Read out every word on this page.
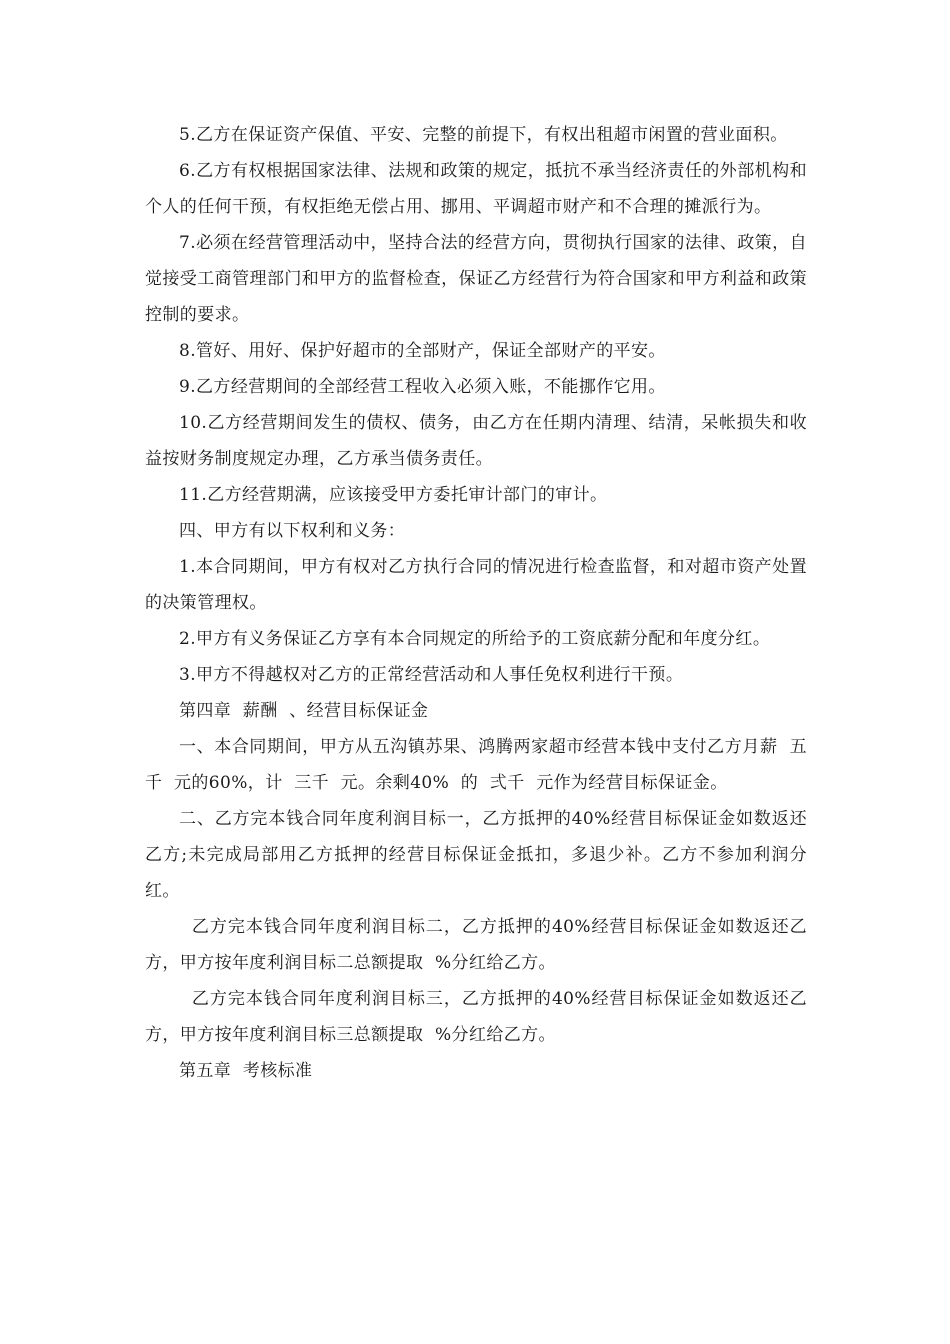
5.乙方在保证资产保值、平安、完整的前提下，有权出租超市闲置的营业面积。

6.乙方有权根据国家法律、法规和政策的规定，抵抗不承当经济责任的外部机构和个人的任何干预，有权拒绝无偿占用、挪用、平调超市财产和不合理的摊派行为。

7.必须在经营管理活动中，坚持合法的经营方向，贯彻执行国家的法律、政策，自觉接受工商管理部门和甲方的监督检查，保证乙方经营行为符合国家和甲方利益和政策控制的要求。

8.管好、用好、保护好超市的全部财产，保证全部财产的平安。

9.乙方经营期间的全部经营工程收入必须入账，不能挪作它用。

10.乙方经营期间发生的债权、债务，由乙方在任期内清理、结清，呆帐损失和收益按财务制度规定办理，乙方承当债务责任。

11.乙方经营期满，应该接受甲方委托审计部门的审计。

四、甲方有以下权利和义务：

1.本合同期间，甲方有权对乙方执行合同的情况进行检查监督，和对超市资产处置的决策管理权。

2.甲方有义务保证乙方享有本合同规定的所给予的工资底薪分配和年度分红。

3.甲方不得越权对乙方的正常经营活动和人事任免权利进行干预。

第四章  薪酬  、经营目标保证金

一、本合同期间，甲方从五沟镇苏果、鸿腾两家超市经营本钱中支付乙方月薪  五千  元的60%，计  三千  元。余剩40%  的  弍千  元作为经营目标保证金。

二、乙方完本钱合同年度利润目标一，乙方抵押的40%经营目标保证金如数返还乙方;未完成局部用乙方抵押的经营目标保证金抵扣，多退少补。乙方不参加利润分红。

乙方完本钱合同年度利润目标二，乙方抵押的40%经营目标保证金如数返还乙方，甲方按年度利润目标二总额提取  %分红给乙方。

乙方完本钱合同年度利润目标三，乙方抵押的40%经营目标保证金如数返还乙方，甲方按年度利润目标三总额提取  %分红给乙方。

第五章  考核标准
